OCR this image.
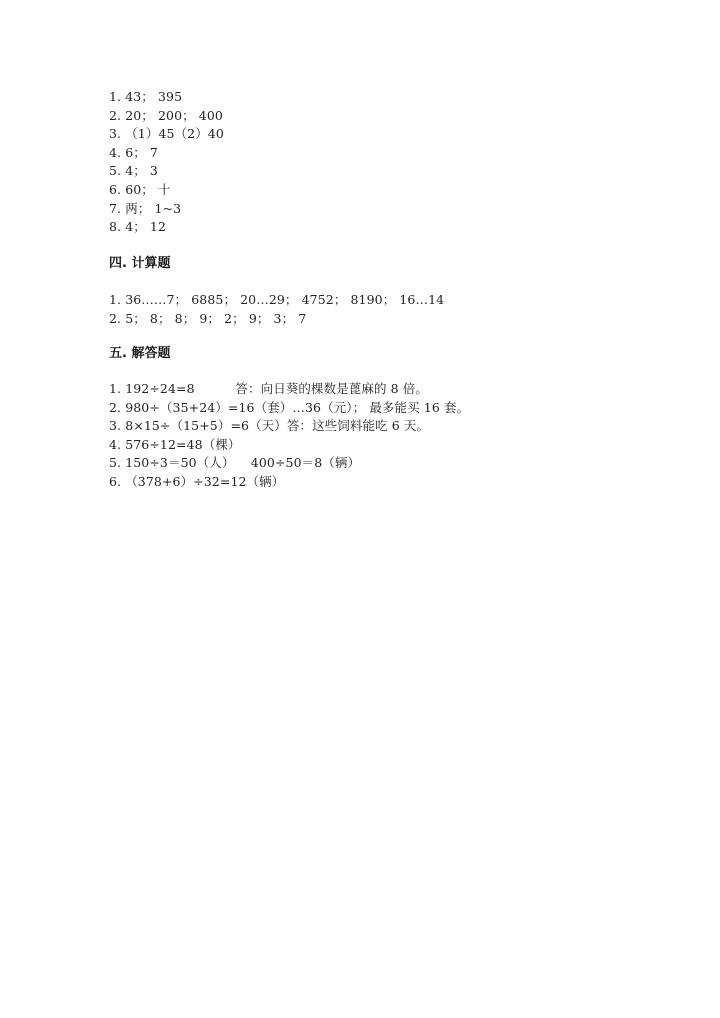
1. 43； 395
2. 20； 200； 400
3. （1）45（2）40
4. 6； 7
5. 4； 3
6. 60； 十
7. 两； 1~3
8. 4； 12
四. 计算题
1. 36……7； 6885； 20…29； 4752； 8190； 16…14
2. 5； 8； 8； 9； 2； 9； 3； 7
五. 解答题
1. 192÷24=8          答：向日葵的棵数是蓖麻的 8 倍。
2. 980÷（35+24）=16（套）…36（元）； 最多能买 16 套。
3. 8×15÷（15+5）=6（天）答：这些饲料能吃 6 天。
4. 576÷12=48（棵）
5. 150÷3＝50（人）    400÷50＝8（辆）
6. （378+6）÷32=12（辆）
